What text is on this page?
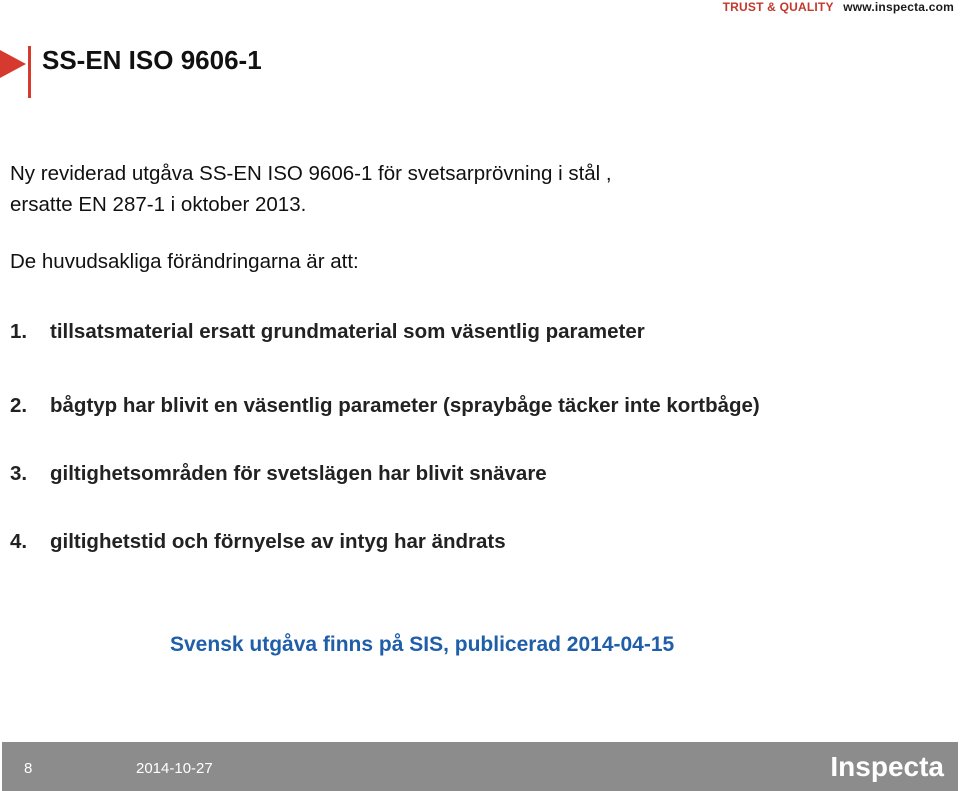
TRUST & QUALITY www.inspecta.com
SS-EN ISO 9606-1
Ny reviderad utgåva SS-EN ISO 9606-1 för svetsarprövning i stål ,
ersatte EN 287-1 i oktober 2013.
De huvudsakliga förändringarna är att:
1. tillsatsmaterial ersatt grundmaterial som väsentlig parameter
2. bågtyp har blivit en väsentlig parameter (spraybåge täcker inte kortbåge)
3. giltighetsområden för svetslägen har blivit snävare
4. giltighetstid och förnyelse av intyg har ändrats
Svensk utgåva finns på SIS, publicerad 2014-04-15
8	2014-10-27	Inspecta
